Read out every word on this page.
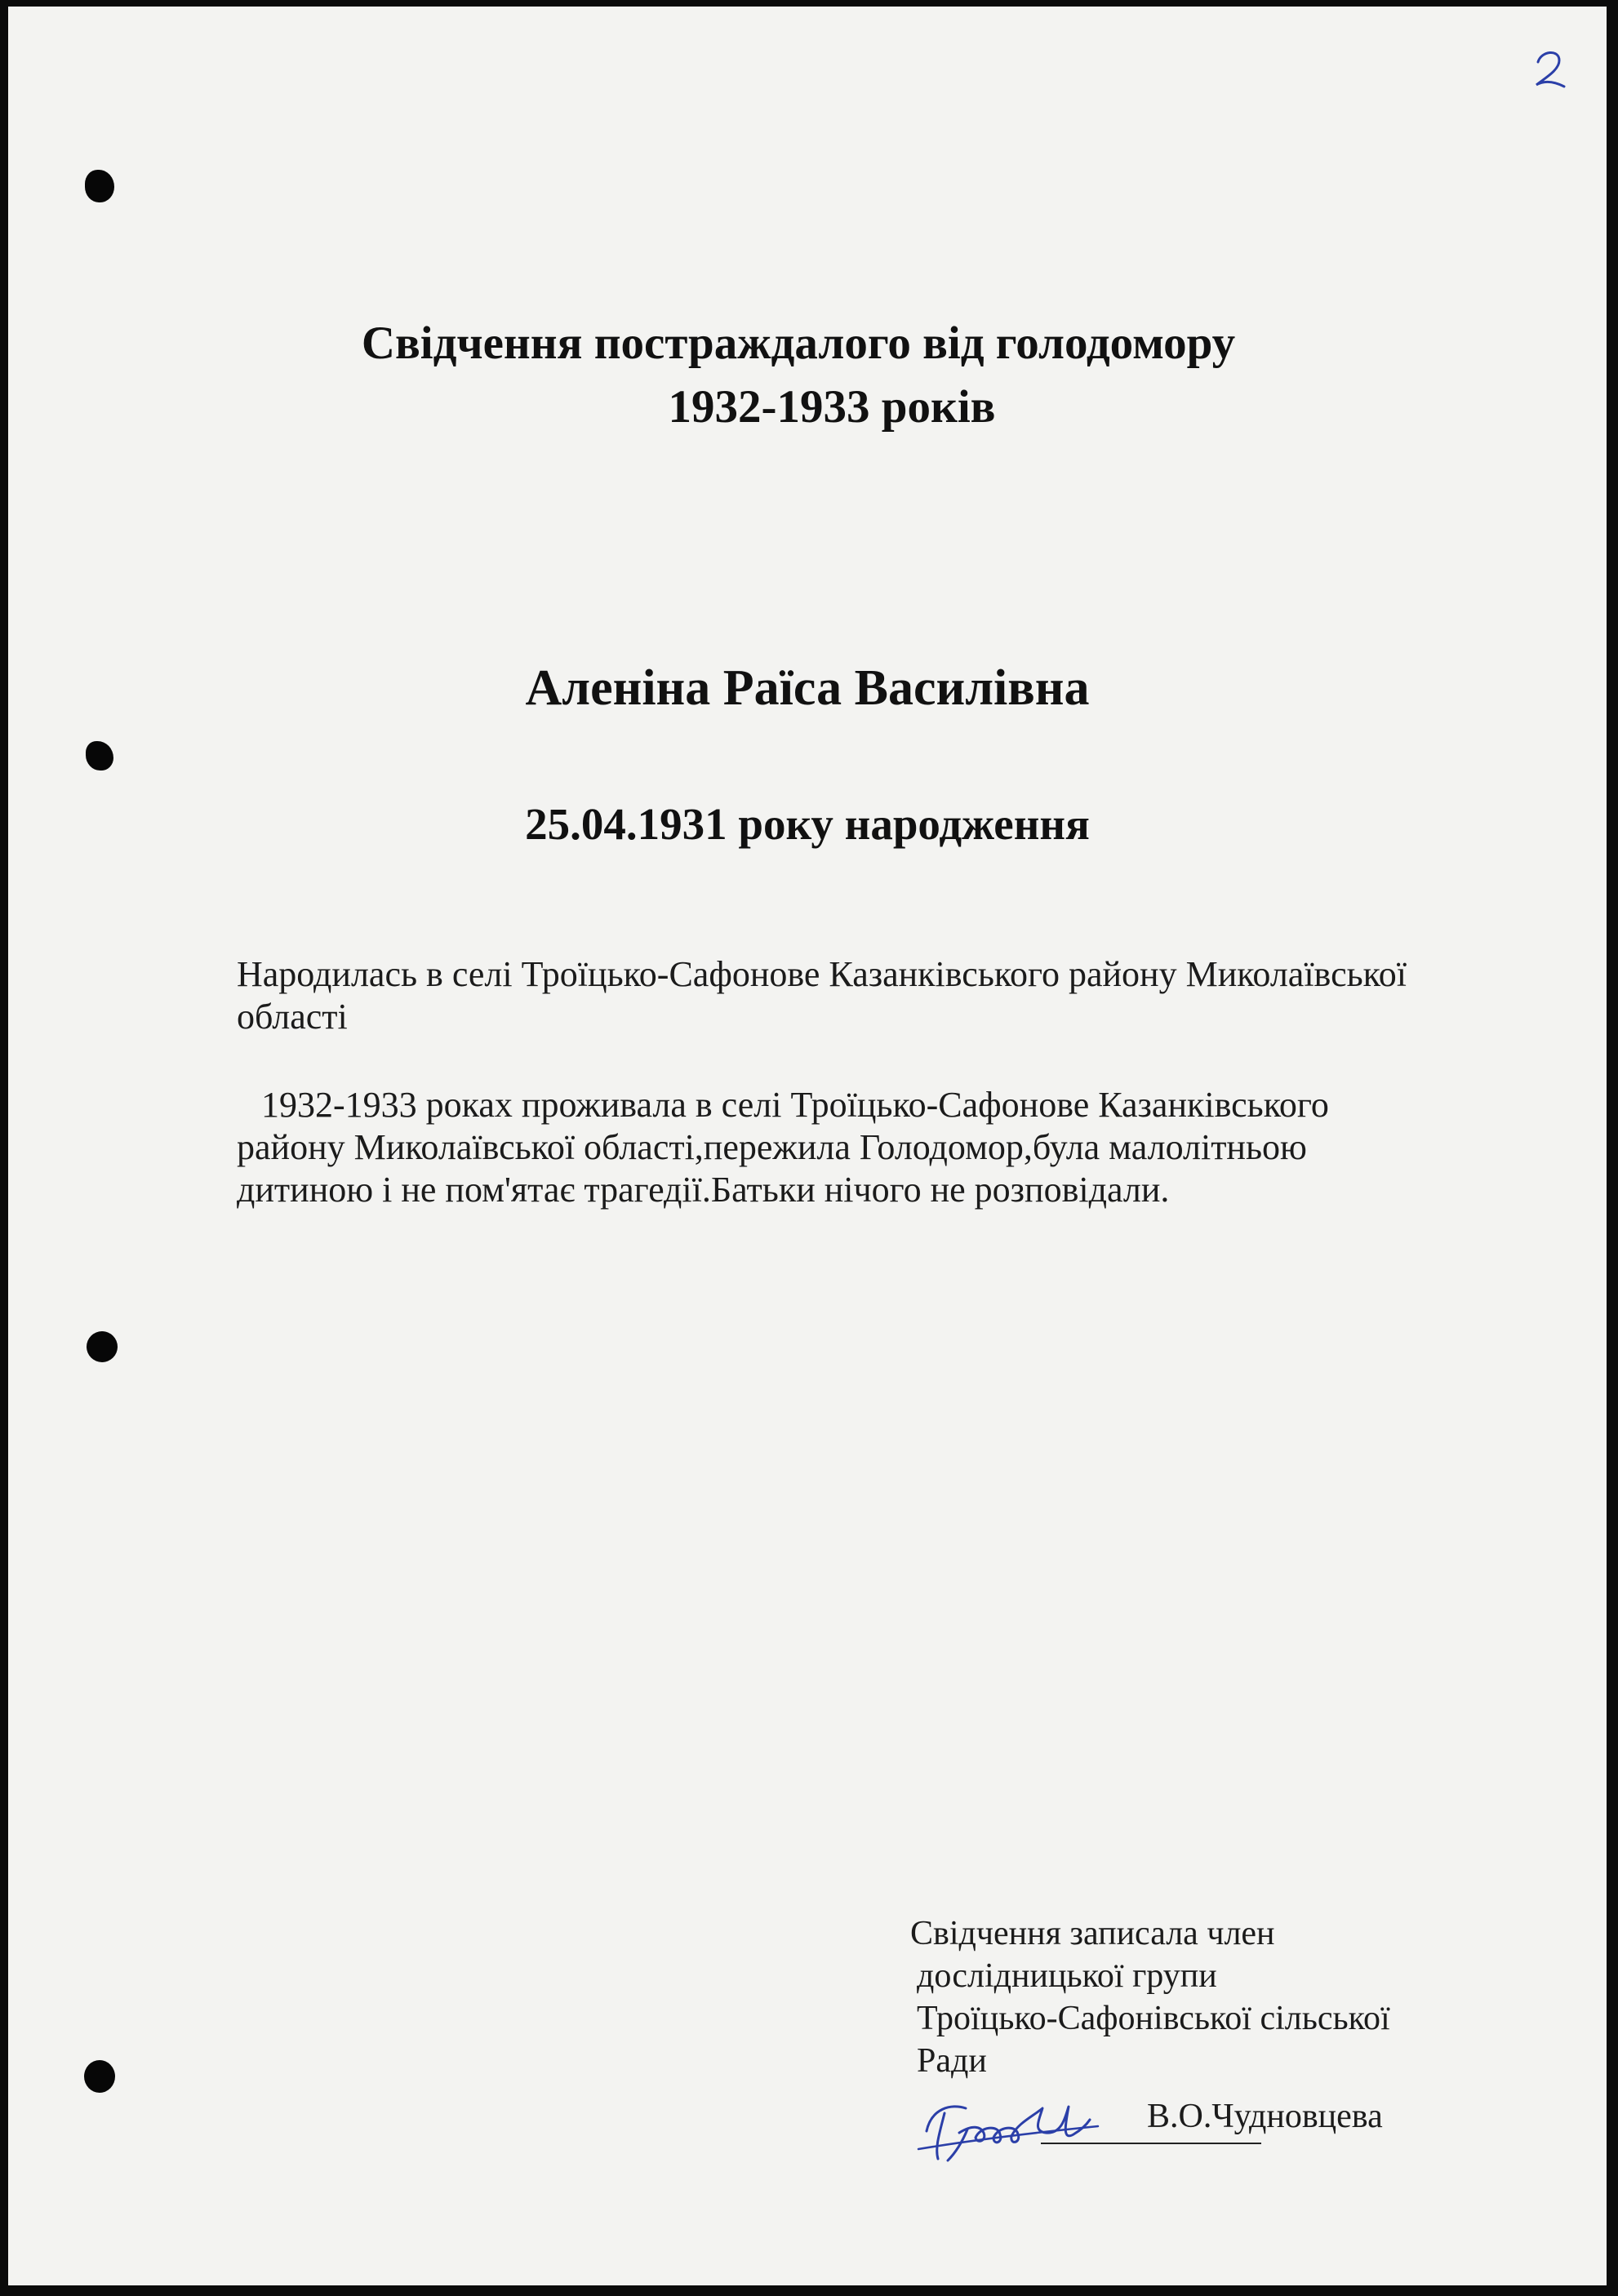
Свідчення постраждалого від голодомору
1932-1933 років
Аленіна Раїса Василівна
25.04.1931 року народження

Народилась в селі Троїцько-Сафонове Казанківського району Миколаївської
області

1932-1933 роках проживала в селі Троїцько-Сафонове Казанківського
району Миколаївської області,пережила Голодомор,була малолітньою
дитиною і не пом'ятає трагедії.Батьки нічого не розповідали.

Свідчення записала член
дослідницької групи
Троїцько-Сафонівської сільської
Ради
В.О.Чудновцева
